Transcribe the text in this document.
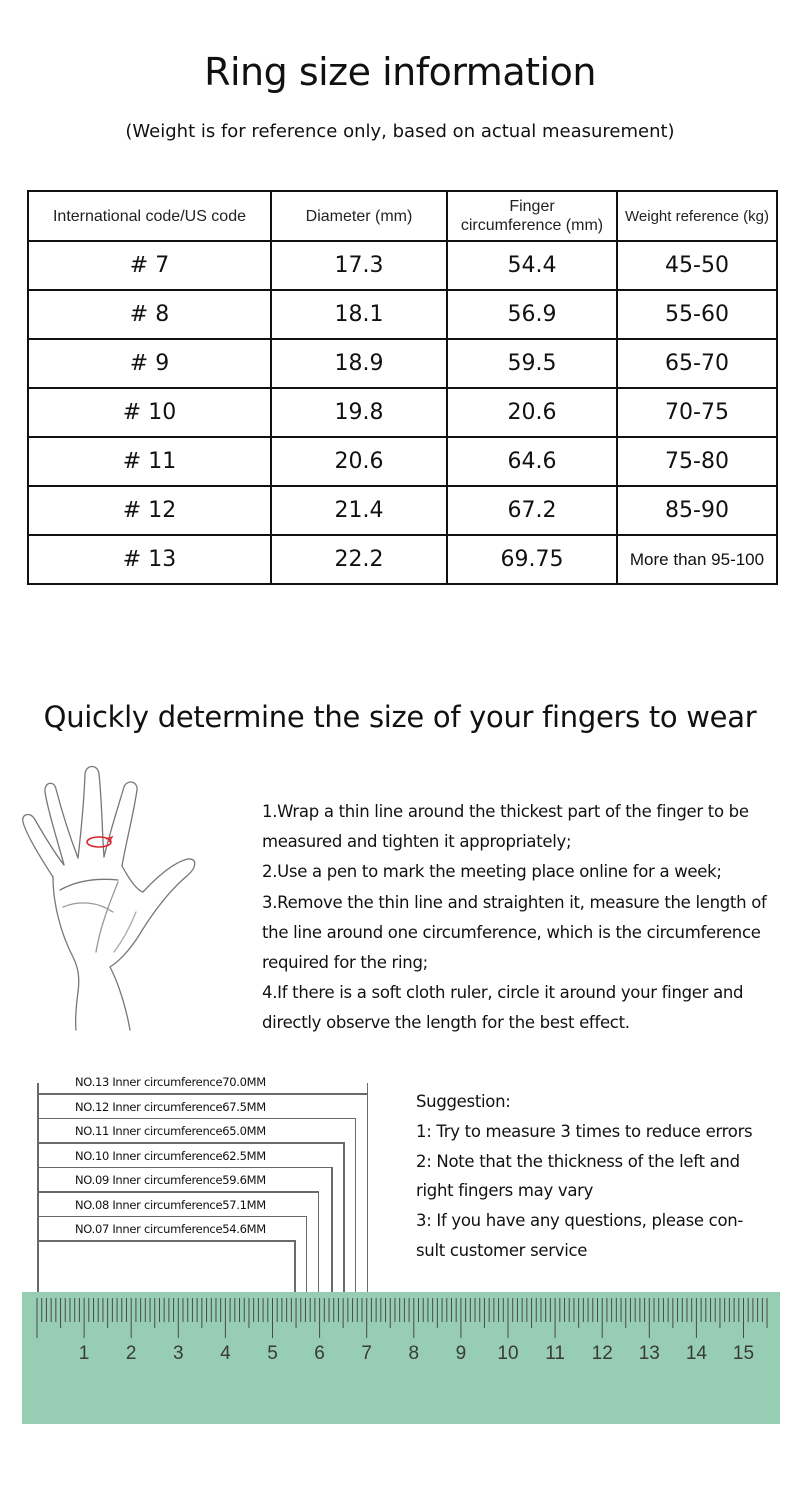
Ring size information
(Weight is for reference only, based on actual measurement)
International code/US code	Diameter (mm)	Finger circumference (mm)	Weight reference (kg)
# 7	17.3	54.4	45-50
# 8	18.1	56.9	55-60
# 9	18.9	59.5	65-70
# 10	19.8	20.6	70-75
# 11	20.6	64.6	75-80
# 12	21.4	67.2	85-90
# 13	22.2	69.75	More than 95-100
Quickly determine the size of your fingers to wear

1.Wrap a thin line around the thickest part of the finger to be measured and tighten it appropriately;

2.Use a pen to mark the meeting place online for a week;

3.Remove the thin line and straighten it, measure the length of the line around one circumference, which is the circumference required for the ring;

4.If there is a soft cloth ruler, circle it around your finger and directly observe the length for the best effect.

NO.13 Inner circumference70.0MM
NO.12 Inner circumference67.5MM
NO.11 Inner circumference65.0MM
NO.10 Inner circumference62.5MM
NO.09 Inner circumference59.6MM
NO.08 Inner circumference57.1MM
NO.07 Inner circumference54.6MM

Suggestion:

1: Try to measure 3 times to reduce errors

2: Note that the thickness of the left and

right fingers may vary

3: If you have any questions, please con-

sult customer service

1 2 3 4 5 6 7 8 9 10 11 12 13 14 15
